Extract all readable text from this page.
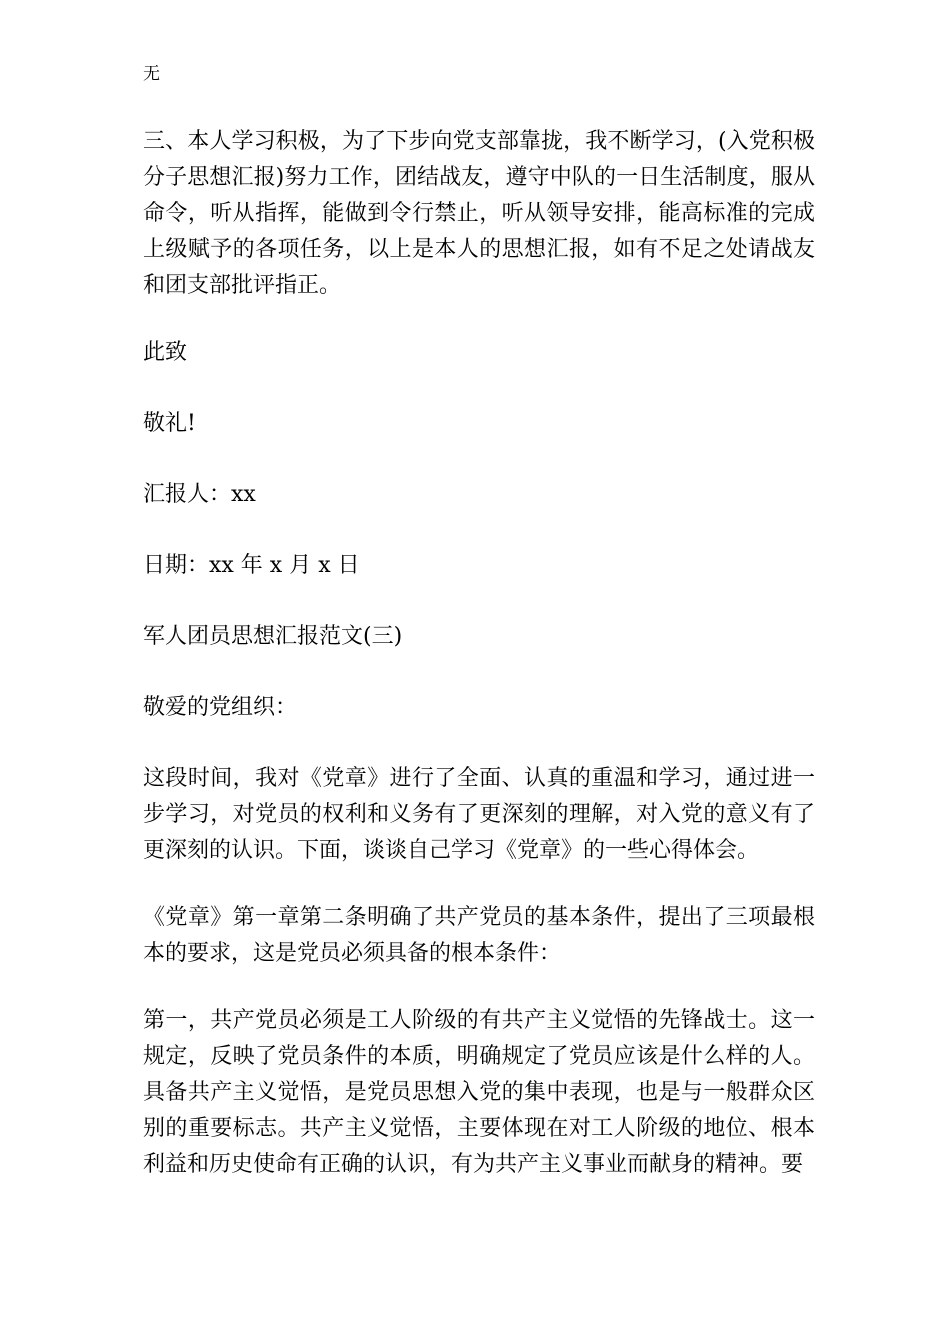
无

三、本人学习积极，为了下步向党支部靠拢，我不断学习，(入党积极分子思想汇报)努力工作，团结战友，遵守中队的一日生活制度，服从命令，听从指挥，能做到令行禁止，听从领导安排，能高标准的完成上级赋予的各项任务，以上是本人的思想汇报，如有不足之处请战友和团支部批评指正。

此致

敬礼!

汇报人：xx

日期：xx 年 x 月 x 日

军人团员思想汇报范文(三)

敬爱的党组织：

这段时间，我对《党章》进行了全面、认真的重温和学习，通过进一步学习，对党员的权利和义务有了更深刻的理解，对入党的意义有了更深刻的认识。下面，谈谈自己学习《党章》的一些心得体会。

《党章》第一章第二条明确了共产党员的基本条件，提出了三项最根本的要求，这是党员必须具备的根本条件：

第一，共产党员必须是工人阶级的有共产主义觉悟的先锋战士。这一规定，反映了党员条件的本质，明确规定了党员应该是什么样的人。具备共产主义觉悟，是党员思想入党的集中表现，也是与一般群众区别的重要标志。共产主义觉悟，主要体现在对工人阶级的地位、根本利益和历史使命有正确的认识，有为共产主义事业而献身的精神。要
